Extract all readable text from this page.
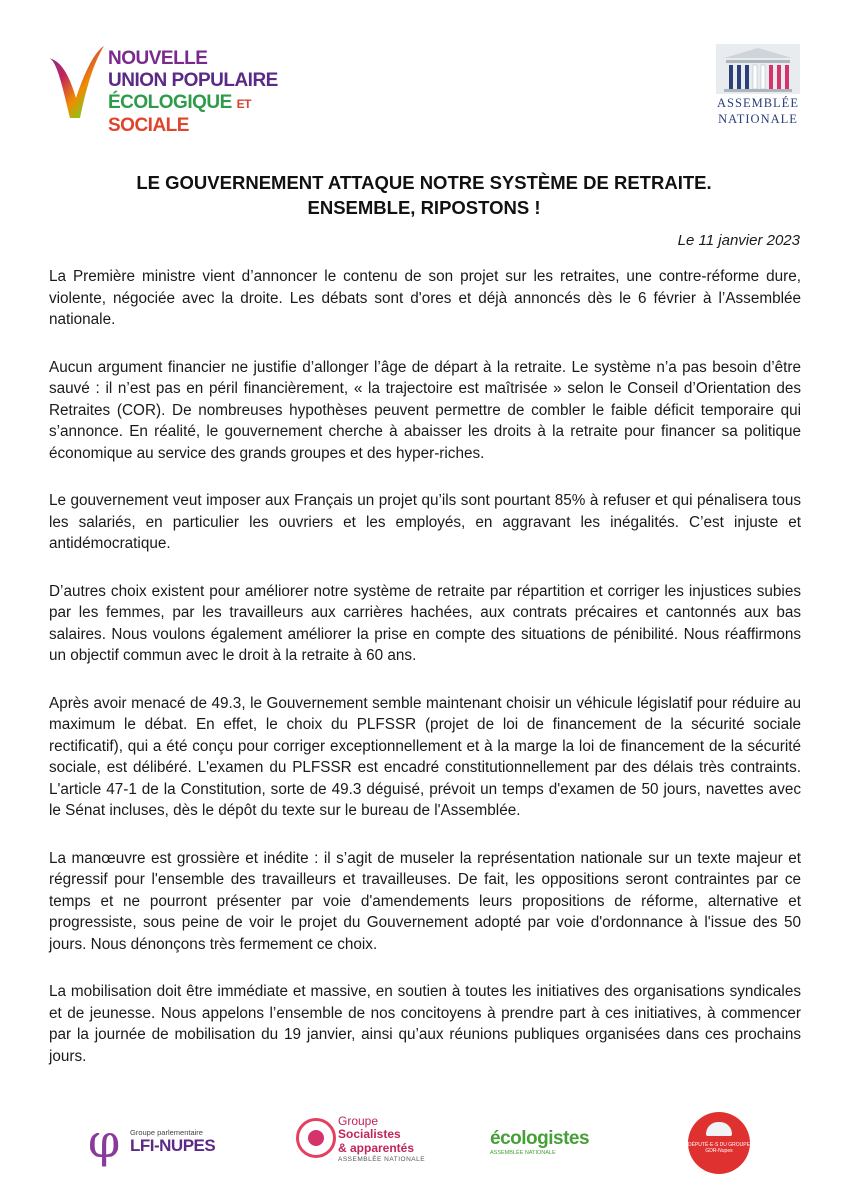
NOUVELLE
UNION POPULAIRE
ÉCOLOGIQUE ET SOCIALE
ASSEMBLÉE
NATIONALE
LE GOUVERNEMENT ATTAQUE NOTRE SYSTÈME DE RETRAITE.
ENSEMBLE, RIPOSTONS !
Le 11 janvier 2023

La Première ministre vient d’annoncer le contenu de son projet sur les retraites, une contre-réforme dure, violente, négociée avec la droite. Les débats sont d'ores et déjà annoncés dès le 6 février à l’Assemblée nationale.

Aucun argument financier ne justifie d’allonger l’âge de départ à la retraite. Le système n’a pas besoin d’être sauvé : il n’est pas en péril financièrement, « la trajectoire est maîtrisée » selon le Conseil d’Orientation des Retraites (COR). De nombreuses hypothèses peuvent permettre de combler le faible déficit temporaire qui s’annonce. En réalité, le gouvernement cherche à abaisser les droits à la retraite pour financer sa politique économique au service des grands groupes et des hyper-riches.

Le gouvernement veut imposer aux Français un projet qu’ils sont pourtant 85% à refuser et qui pénalisera tous les salariés, en particulier les ouvriers et les employés, en aggravant les inégalités. C’est injuste et antidémocratique.

D’autres choix existent pour améliorer notre système de retraite par répartition et corriger les injustices subies par les femmes, par les travailleurs aux carrières hachées, aux contrats précaires et cantonnés aux bas salaires. Nous voulons également améliorer la prise en compte des situations de pénibilité. Nous réaffirmons un objectif commun avec le droit à la retraite à 60 ans.

Après avoir menacé de 49.3, le Gouvernement semble maintenant choisir un véhicule législatif pour réduire au maximum le débat. En effet, le choix du PLFSSR (projet de loi de financement de la sécurité sociale rectificatif), qui a été conçu pour corriger exceptionnellement et à la marge la loi de financement de la sécurité sociale, est délibéré. L'examen du PLFSSR est encadré constitutionnellement par des délais très contraints. L'article 47-1 de la Constitution, sorte de 49.3 déguisé, prévoit un temps d'examen de 50 jours, navettes avec le Sénat incluses, dès le dépôt du texte sur le bureau de l'Assemblée.

La manœuvre est grossière et inédite : il s’agit de museler la représentation nationale sur un texte majeur et régressif pour l'ensemble des travailleurs et travailleuses. De fait, les oppositions seront contraintes par ce temps et ne pourront présenter par voie d'amendements leurs propositions de réforme, alternative et progressiste, sous peine de voir le projet du Gouvernement adopté par voie d'ordonnance à l'issue des 50 jours. Nous dénonçons très fermement ce choix.

La mobilisation doit être immédiate et massive, en soutien à toutes les initiatives des organisations syndicales et de jeunesse. Nous appelons l’ensemble de nos concitoyens à prendre part à ces initiatives, à commencer par la journée de mobilisation du 19 janvier, ainsi qu’aux réunions publiques organisées dans ces prochains jours.

φ Groupe parlementaire
LFI-NUPES
Groupe
Socialistes
& apparentés
ASSEMBLÉE NATIONALE
écologistes
ASSEMBLÉE NATIONALE
DÉPUTÉ·E·S DU GROUPE GDR-Nupes
